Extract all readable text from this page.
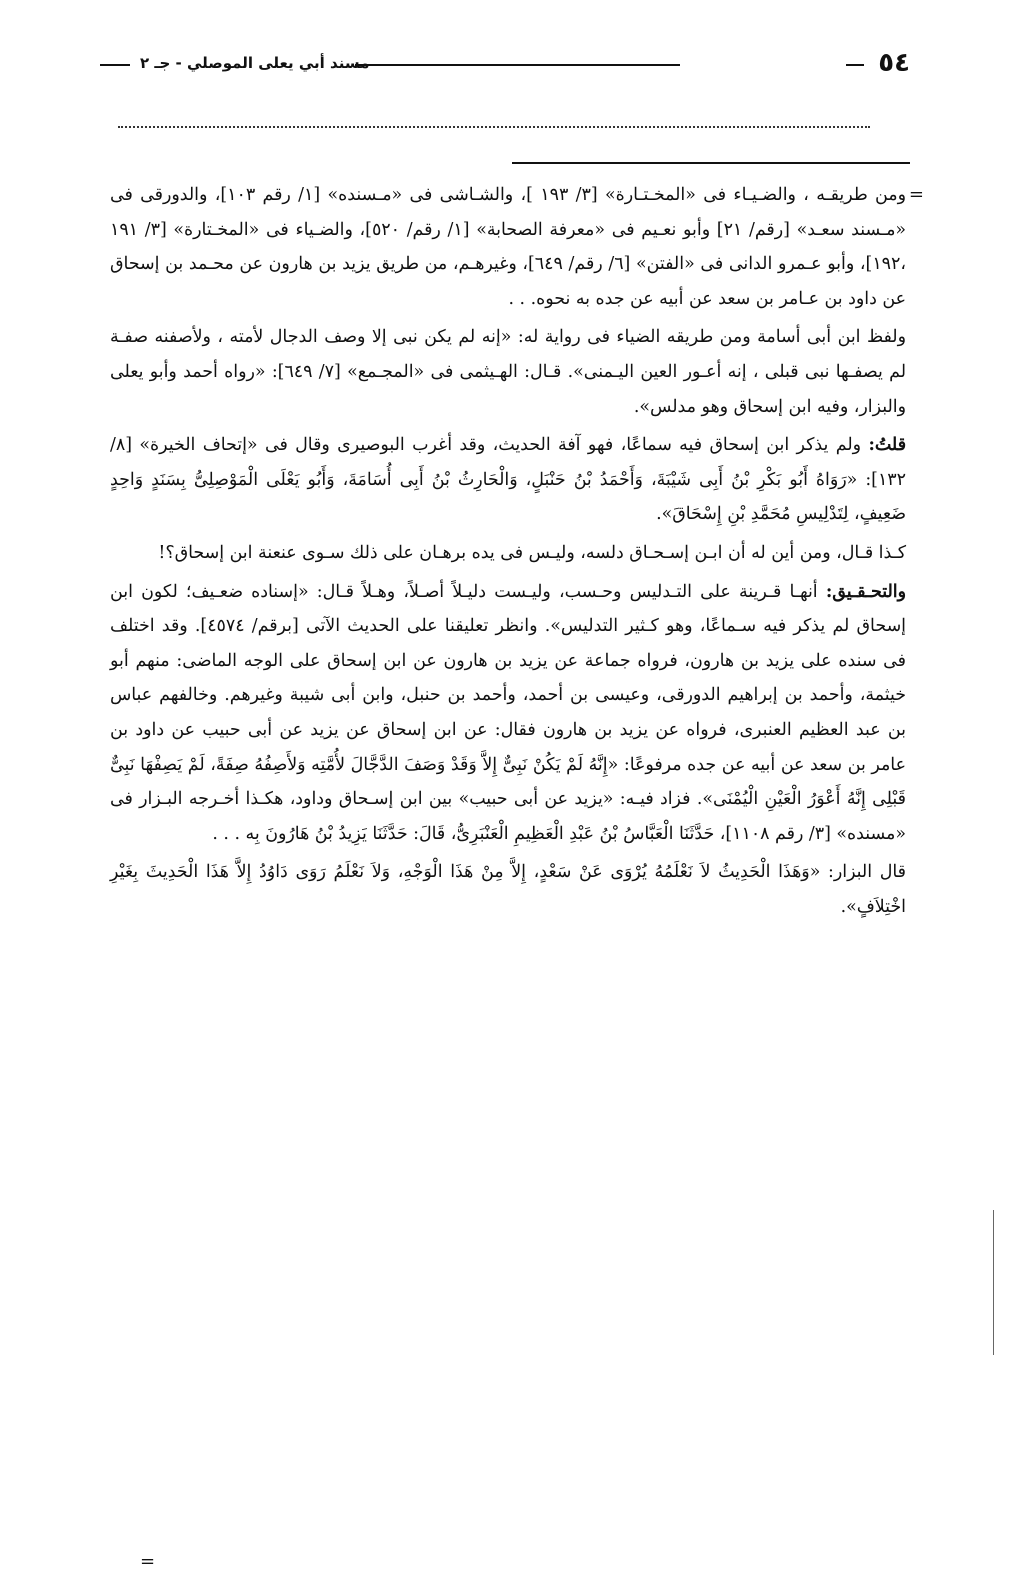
٥٤
مسند أبي يعلى الموصلي - جـ ٢
=

ومن طريقـه ، والضـيـاء فى «المخـتـارة» [٣/ ١٩٣ ]، والشـاشى فى «مـسنده» [١/ رقم ١٠٣]، والدورقى فى «مـسند سعـد» [رقم/ ٢١] وأبو نعـيم فى «معرفة الصحابة» [١/ رقم/ ٥٢٠]، والضـياء فى «المخـتارة» [٣/ ١٩١ ،١٩٢]، وأبو عـمرو الدانى فى «الفتن» [٦/ رقم/ ٦٤٩]، وغيرهـم، من طريق يزيد بن هارون عن محـمد بن إسحاق عن داود بن عـامر بن سعد عن أبيه عن جده به نحوه. . .

ولفظ ابن أبى أسامة ومن طريقه الضياء فى رواية له: «إنه لم يكن نبى إلا وصف الدجال لأمته ، ولأصفنه صفـة لم يصفـها نبى قبلى ، إنه أعـور العين اليـمنى». قـال: الهـيثمى فى «المجـمع» [٧/ ٦٤٩]: «رواه أحمد وأبو يعلى والبزار، وفيه ابن إسحاق وهو مدلس».

قلتُ: ولم يذكر ابن إسحاق فيه سماعًا، فهو آفة الحديث، وقد أغرب البوصيرى وقال فى «إتحاف الخيرة» [٨/ ١٣٢]: «رَوَاهُ أَبُو بَكْرِ بْنُ أَبِى شَيْبَةَ، وَأَحْمَدُ بْنُ حَنْبَلٍ، وَالْحَارِثُ بْنُ أَبِى أُسَامَةَ، وَأَبُو يَعْلَى الْمَوْصِلِىُّ بِسَنَدٍ وَاحِدٍ ضَعِيفٍ، لِتَدْلِيسِ مُحَمَّدِ بْنِ إِسْحَاقَ».

كـذا قـال، ومن أين له أن ابـن إسـحـاق دلسه، وليـس فى يده برهـان على ذلك سـوى عنعنة ابن إسحاق؟!

والتحـقـيق: أنهـا قـرينة على التـدليس وحـسب، وليـست دليـلاً أصـلاً، وهـلاً قـال: «إسناده ضعـيف؛ لكون ابن إسحاق لم يذكر فيه سـماعًا، وهو كـثير التدليس». وانظر تعليقنا على الحديث الآتى [برقم/ ٤٥٧٤]. وقد اختلف فى سنده على يزيد بن هارون، فرواه جماعة عن يزيد بن هارون عن ابن إسحاق على الوجه الماضى: منهم أبو خيثمة، وأحمد بن إبراهيم الدورقى، وعيسى بن أحمد، وأحمد بن حنبل، وابن أبى شيبة وغيرهم. وخالفهم عباس بن عبد العظيم العنبرى، فرواه عن يزيد بن هارون فقال: عن ابن إسحاق عن يزيد عن أبى حبيب عن داود بن عامر بن سعد عن أبيه عن جده مرفوعًا: «إِنَّهُ لَمْ يَكُنْ نَبِىٌّ إِلاَّ وَقَدْ وَصَفَ الدَّجَّالَ لأُمَّتِه وَلأَصِفُهُ صِفَةً، لَمْ يَصِفْهَا نَبِىٌّ قَبْلِى إِنَّهُ أَعْوَرُ الْعَيْنِ الْيُمْنَى». فزاد فيـه: «يزيد عن أبى حبيب» بين ابن إسـحاق وداود، هكـذا أخـرجه البـزار فى «مسنده» [٣/ رقم ١١٠٨]، حَدَّثَنَا الْعَبَّاسُ بْنُ عَبْدِ الْعَظِيمِ الْعَنْبَرِىُّ، قَالَ: حَدَّثَنَا يَزِيدُ بْنُ هَارُونَ بِه . . .

قال البزار: «وَهَذَا الْحَدِيثُ لاَ نَعْلَمُهُ يُرْوَى عَنْ سَعْدٍ، إِلاَّ مِنْ هَذَا الْوَجْهِ، وَلاَ نَعْلَمُ رَوَى دَاوُدُ إِلاَّ هَذَا الْحَدِيثَ بِغَيْرِ اخْتِلاَفٍ».

=
